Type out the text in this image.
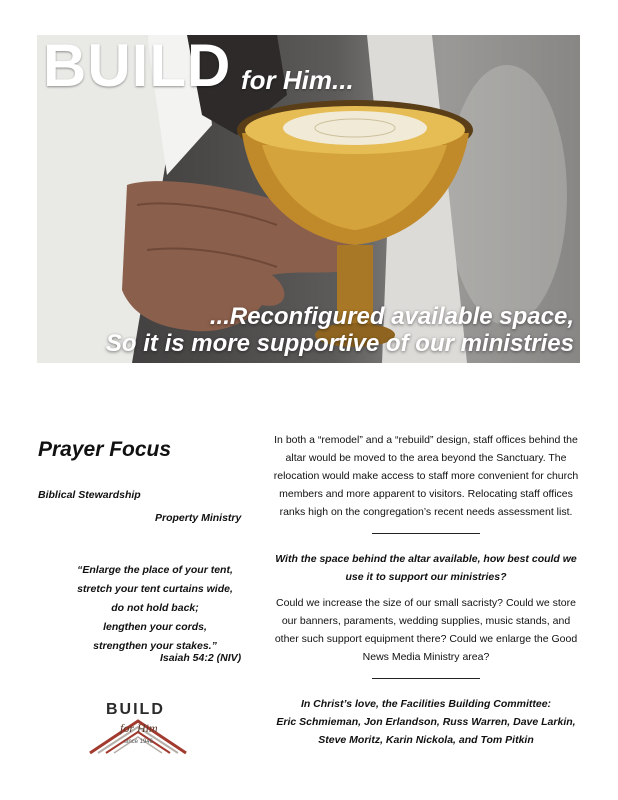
BUILD for Him...
...Reconfigured available space,
So it is more supportive of our ministries
Prayer Focus
Biblical Stewardship
Property Ministry
“Enlarge the place of your tent,
stretch your tent curtains wide,
do not hold back;
lengthen your cords,
strengthen your stakes.”
Isaiah 54:2 (NIV)
BUILD
for Him
since 1946

In both a “remodel” and a “rebuild” design, staff offices behind the altar would be moved to the area beyond the Sanctuary. The relocation would make access to staff more convenient for church members and more apparent to visitors. Relocating staff offices ranks high on the congregation’s recent needs assessment list.

With the space behind the altar available, how best could we use it to support our ministries?

Could we increase the size of our small sacristy? Could we store our banners, paraments, wedding supplies, music stands, and other such support equipment there? Could we enlarge the Good News Media Ministry area?

In Christ’s love, the Facilities Building Committee:

Eric Schmieman, Jon Erlandson, Russ Warren, Dave Larkin,

Steve Moritz, Karin Nickola, and Tom Pitkin
